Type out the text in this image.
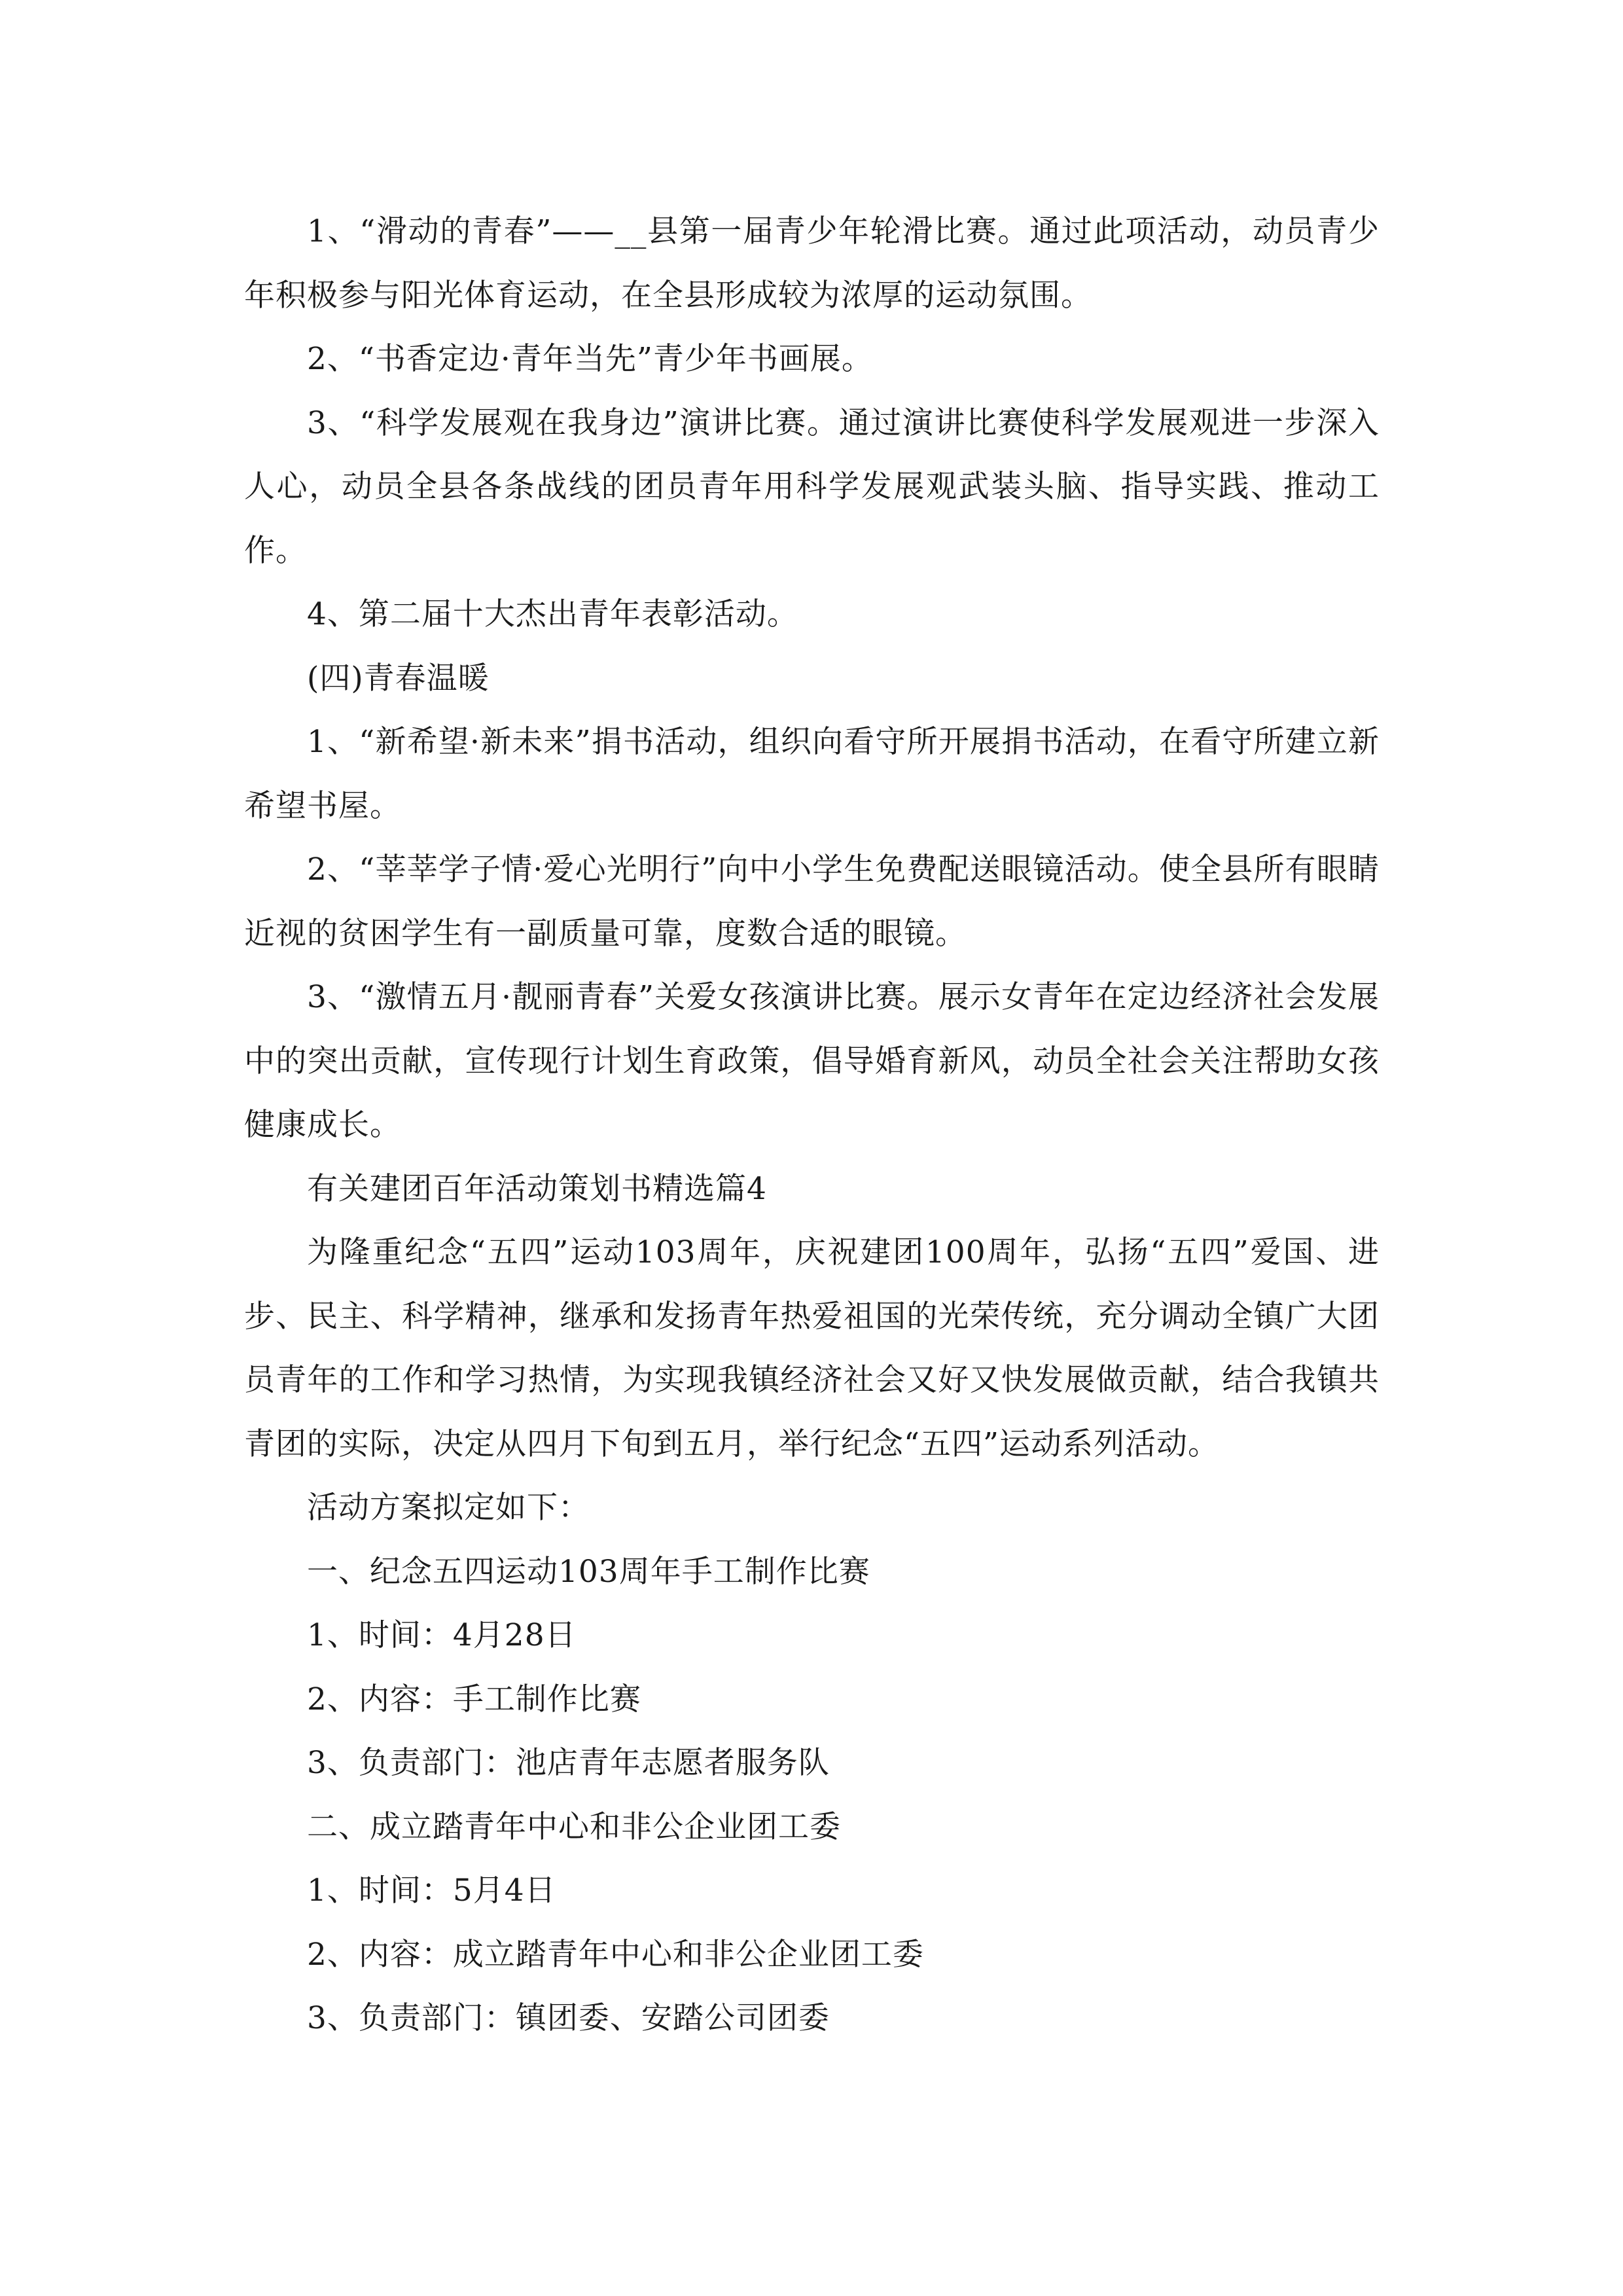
1、“滑动的青春”——__县第一届青少年轮滑比赛。通过此项活动，动员青少年积极参与阳光体育运动，在全县形成较为浓厚的运动氛围。

2、“书香定边·青年当先”青少年书画展。

3、“科学发展观在我身边”演讲比赛。通过演讲比赛使科学发展观进一步深入人心，动员全县各条战线的团员青年用科学发展观武装头脑、指导实践、推动工作。

4、第二届十大杰出青年表彰活动。

(四)青春温暖

1、“新希望·新未来”捐书活动，组织向看守所开展捐书活动，在看守所建立新希望书屋。

2、“莘莘学子情·爱心光明行”向中小学生免费配送眼镜活动。使全县所有眼睛近视的贫困学生有一副质量可靠，度数合适的眼镜。

3、“激情五月·靓丽青春”关爱女孩演讲比赛。展示女青年在定边经济社会发展中的突出贡献，宣传现行计划生育政策，倡导婚育新风，动员全社会关注帮助女孩健康成长。

有关建团百年活动策划书精选篇4

为隆重纪念“五四”运动103周年，庆祝建团100周年，弘扬“五四”爱国、进步、民主、科学精神，继承和发扬青年热爱祖国的光荣传统，充分调动全镇广大团员青年的工作和学习热情，为实现我镇经济社会又好又快发展做贡献，结合我镇共青团的实际，决定从四月下旬到五月，举行纪念“五四”运动系列活动。

活动方案拟定如下：

一、纪念五四运动103周年手工制作比赛

1、时间：4月28日

2、内容：手工制作比赛

3、负责部门：池店青年志愿者服务队

二、成立踏青年中心和非公企业团工委

1、时间：5月4日

2、内容：成立踏青年中心和非公企业团工委

3、负责部门：镇团委、安踏公司团委
